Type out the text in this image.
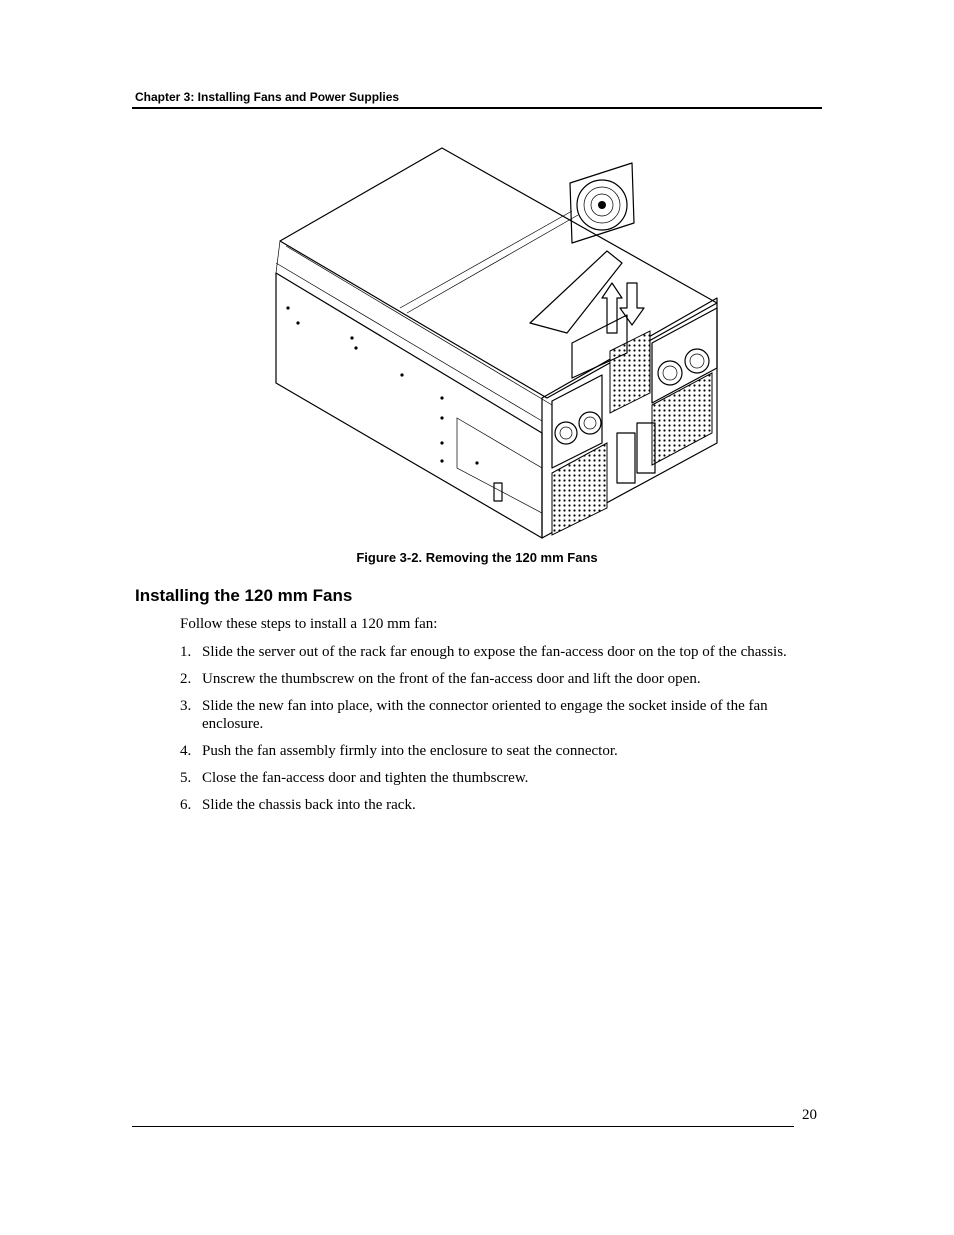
Chapter 3: Installing Fans and Power Supplies
Figure 3-2. Removing the 120 mm Fans
Installing the 120 mm Fans
Follow these steps to install a 120 mm fan:
1. Slide the server out of the rack far enough to expose the fan-access door on the top of the chassis.
2. Unscrew the thumbscrew on the front of the fan-access door and lift the door open.
3. Slide the new fan into place, with the connector oriented to engage the socket inside of the fan enclosure.
4. Push the fan assembly firmly into the enclosure to seat the connector.
5. Close the fan-access door and tighten the thumbscrew.
6. Slide the chassis back into the rack.
20
